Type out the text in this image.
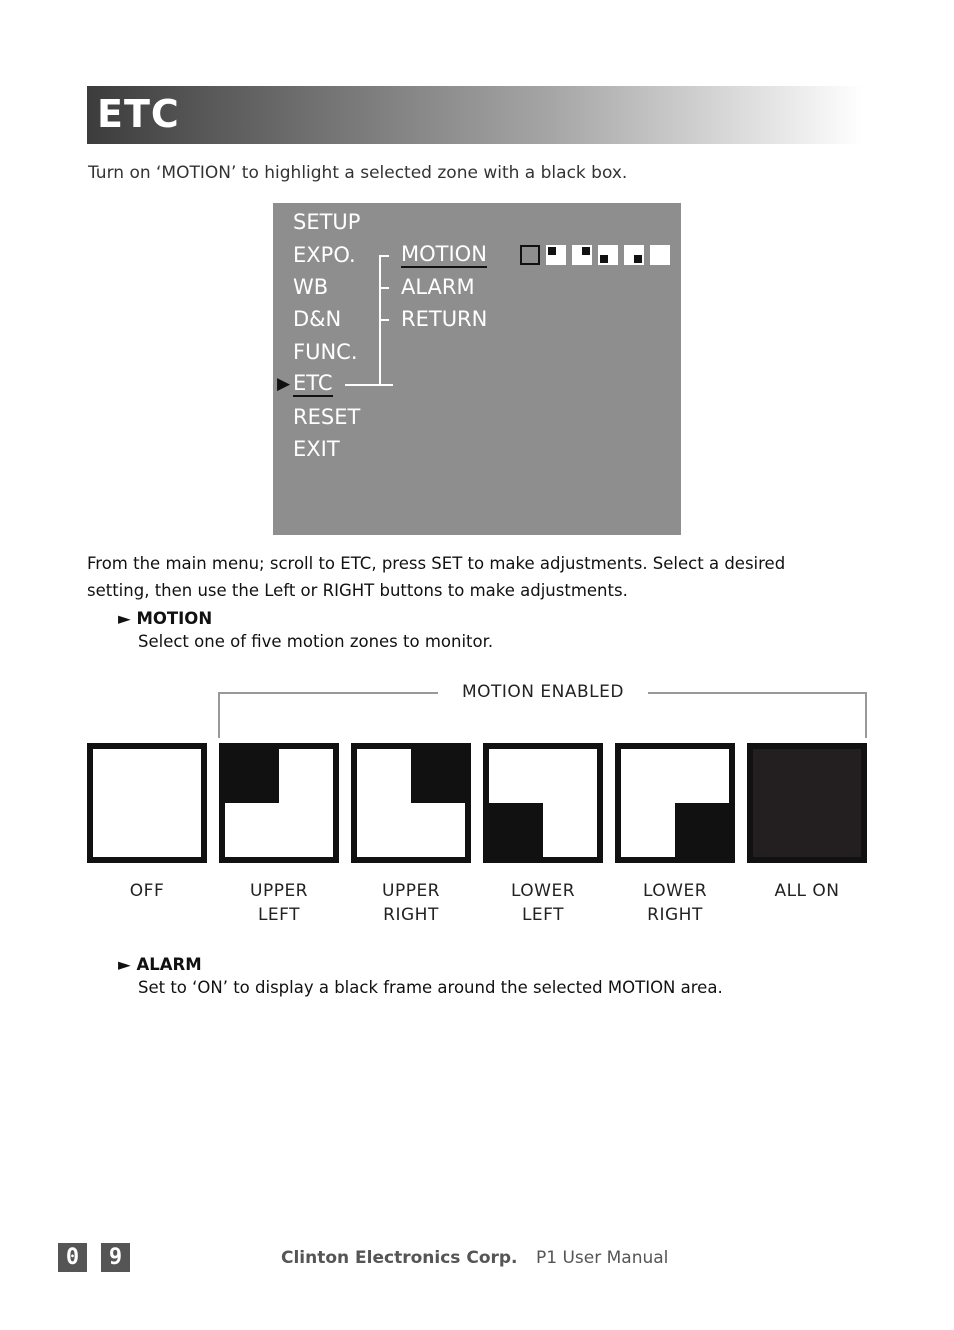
ETC
Turn on ‘MOTION’ to highlight a selected zone with a black box.
SETUP
EXPO.
WB
D&N
FUNC.
▶ ETC
RESET
EXIT
MOTION
ALARM
RETURN
From the main menu; scroll to ETC, press SET to make adjustments. Select a desired setting, then use the Left or RIGHT buttons to make adjustments.
► MOTION
Select one of five motion zones to monitor.
MOTION ENABLED
OFF	UPPER
LEFT
UPPER
RIGHT
LOWER
LEFT
LOWER
RIGHT
ALL ON
► ALARM
Set to ‘ON’ to display a black frame around the selected MOTION area.
0	9	Clinton Electronics Corp. P1 User Manual
